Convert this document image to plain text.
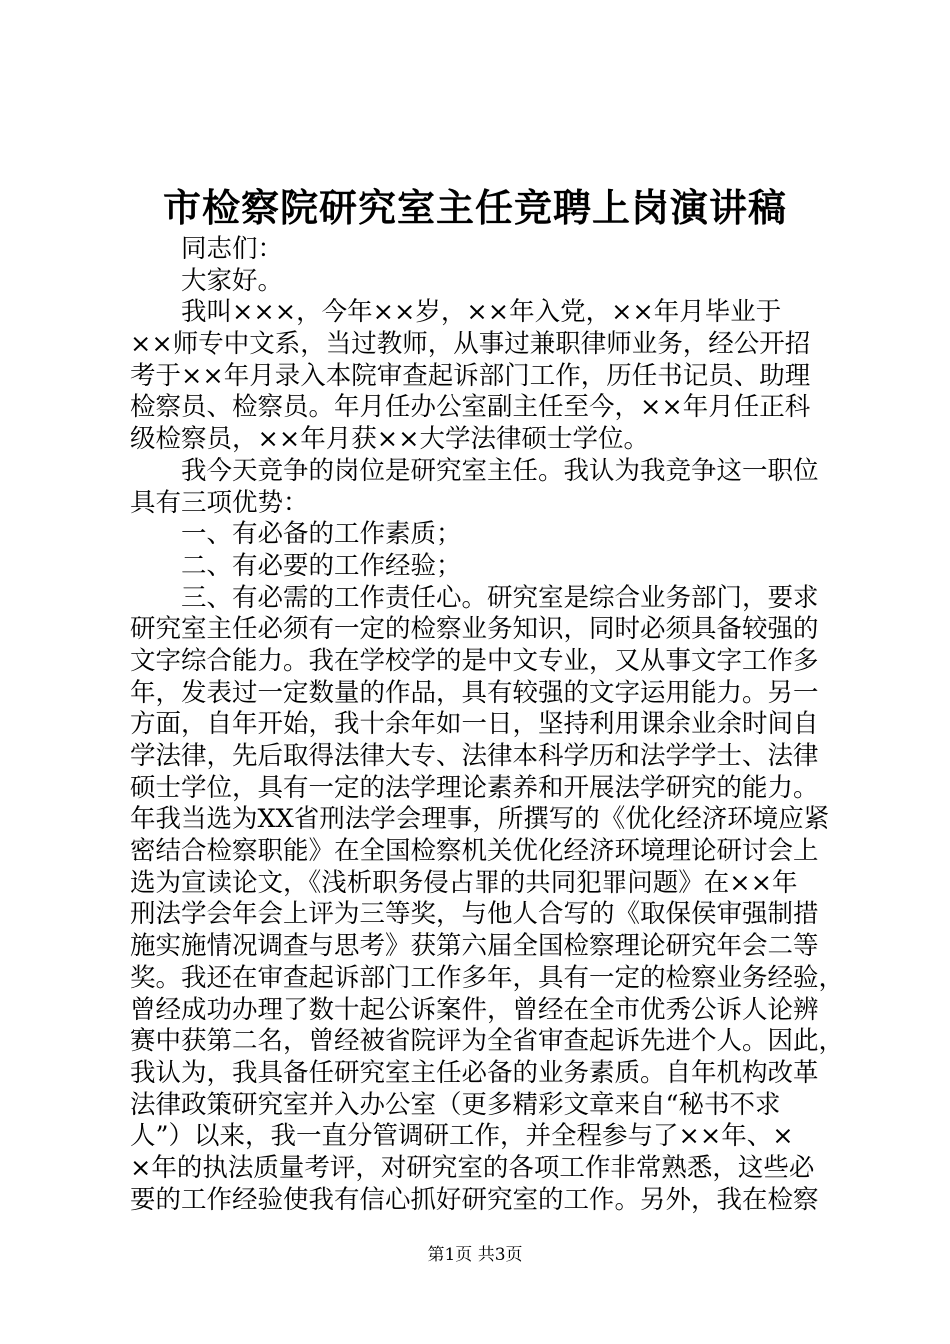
市检察院研究室主任竞聘上岗演讲稿
　　同志们：
　　大家好。
　　我叫×××，今年××岁，××年入党，××年月毕业于
××师专中文系，当过教师，从事过兼职律师业务，经公开招
考于××年月录入本院审查起诉部门工作，历任书记员、助理
检察员、检察员。年月任办公室副主任至今，××年月任正科
级检察员，××年月获××大学法律硕士学位。
　　我今天竞争的岗位是研究室主任。我认为我竞争这一职位
具有三项优势：
　　一、有必备的工作素质；
　　二、有必要的工作经验；
　　三、有必需的工作责任心。研究室是综合业务部门，要求
研究室主任必须有一定的检察业务知识，同时必须具备较强的
文字综合能力。我在学校学的是中文专业，又从事文字工作多
年，发表过一定数量的作品，具有较强的文字运用能力。另一
方面，自年开始，我十余年如一日，坚持利用课余业余时间自
学法律，先后取得法律大专、法律本科学历和法学学士、法律
硕士学位，具有一定的法学理论素养和开展法学研究的能力。
年我当选为XX省刑法学会理事，所撰写的《优化经济环境应紧
密结合检察职能》在全国检察机关优化经济环境理论研讨会上
选为宣读论文，《浅析职务侵占罪的共同犯罪问题》在××年
刑法学会年会上评为三等奖，与他人合写的《取保侯审强制措
施实施情况调查与思考》获第六届全国检察理论研究年会二等
奖。我还在审查起诉部门工作多年，具有一定的检察业务经验，
曾经成功办理了数十起公诉案件，曾经在全市优秀公诉人论辨
赛中获第二名，曾经被省院评为全省审查起诉先进个人。因此，
我认为，我具备任研究室主任必备的业务素质。自年机构改革
法律政策研究室并入办公室（更多精彩文章来自“秘书不求
人”）以来，我一直分管调研工作，并全程参与了××年、×
×年的执法质量考评，对研究室的各项工作非常熟悉，这些必
要的工作经验使我有信心抓好研究室的工作。另外，我在检察
第1页 共3页
